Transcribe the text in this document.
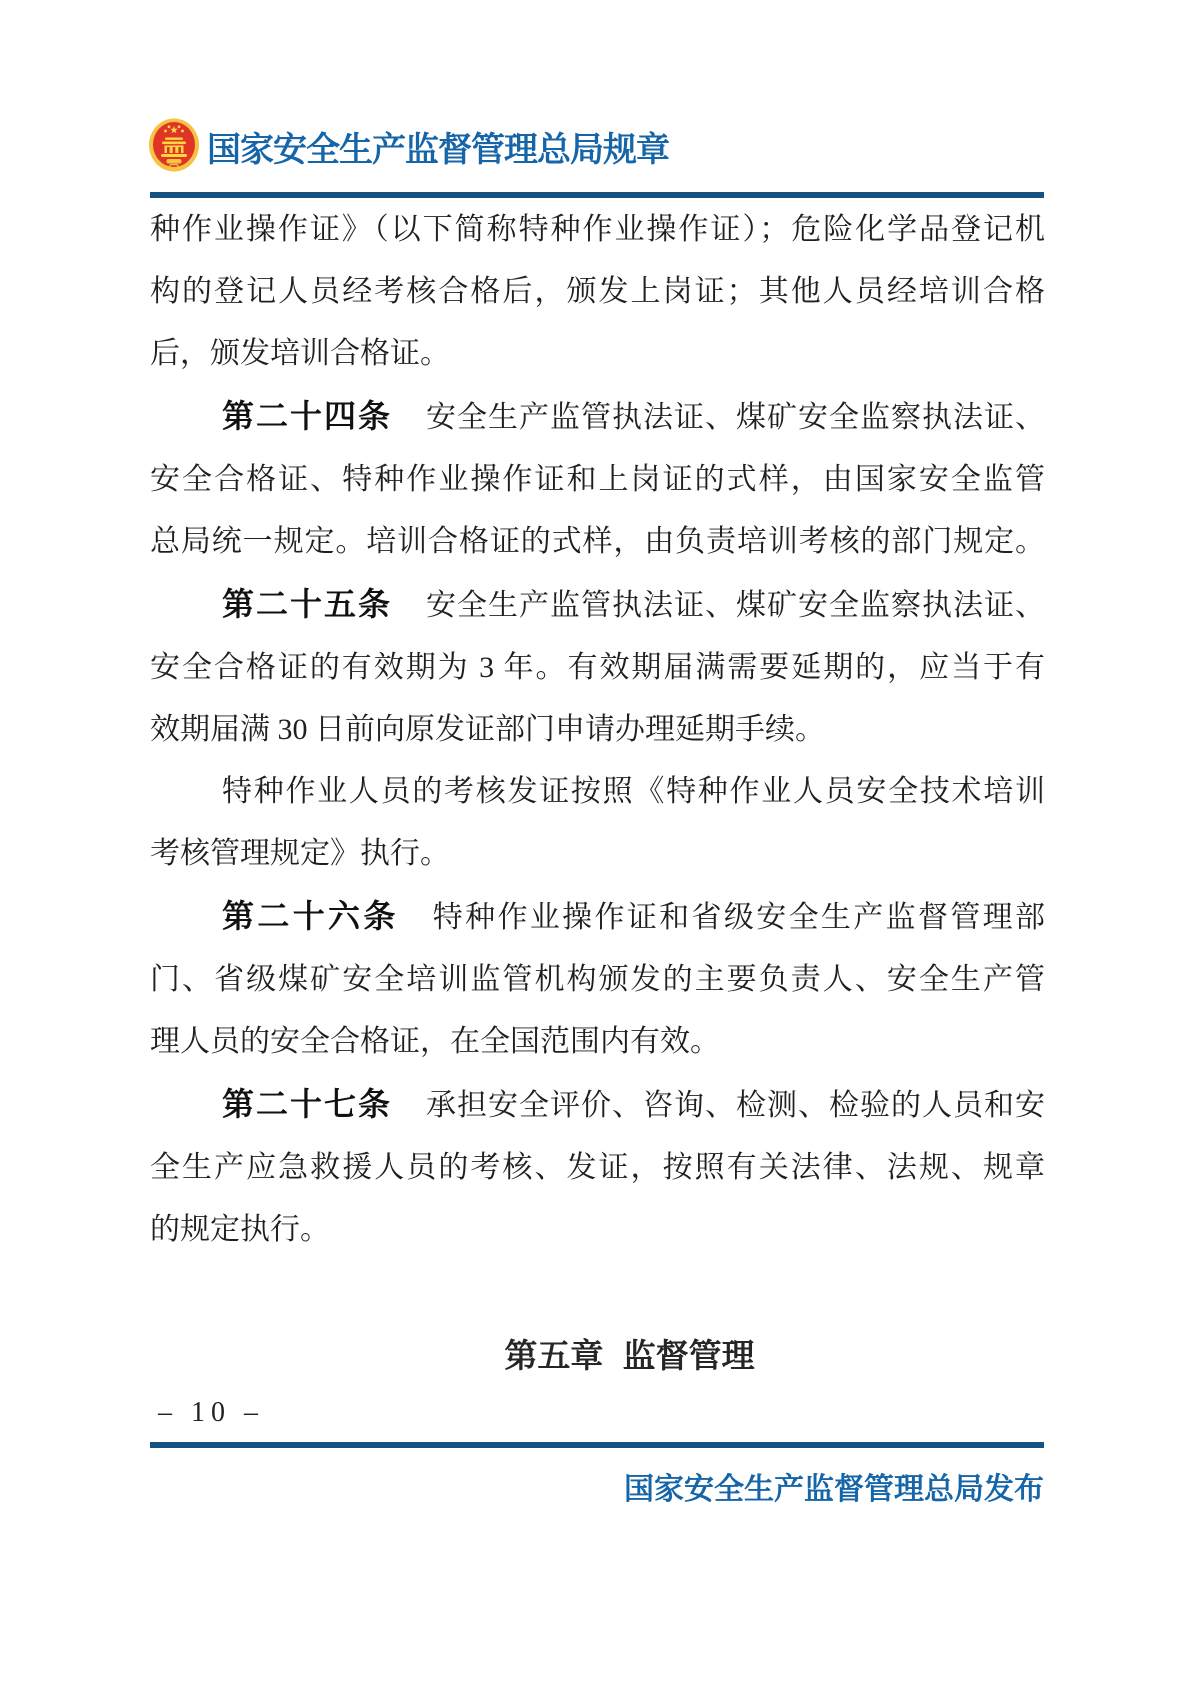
国家安全生产监督管理总局规章

种作业操作证》（以下简称特种作业操作证）；危险化学品登记机

构的登记人员经考核合格后，颁发上岗证；其他人员经培训合格

后，颁发培训合格证。

第二十四条 安全生产监管执法证、煤矿安全监察执法证、

安全合格证、特种作业操作证和上岗证的式样，由国家安全监管

总局统一规定。培训合格证的式样，由负责培训考核的部门规定。

第二十五条 安全生产监管执法证、煤矿安全监察执法证、

安全合格证的有效期为 3 年。有效期届满需要延期的，应当于有

效期届满 30 日前向原发证部门申请办理延期手续。

特种作业人员的考核发证按照《特种作业人员安全技术培训

考核管理规定》执行。

第二十六条 特种作业操作证和省级安全生产监督管理部

门、省级煤矿安全培训监管机构颁发的主要负责人、安全生产管

理人员的安全合格证，在全国范围内有效。

第二十七条 承担安全评价、咨询、检测、检验的人员和安

全生产应急救援人员的考核、发证，按照有关法律、法规、规章

的规定执行。

第五章 监督管理
– 10 –
国家安全生产监督管理总局发布
